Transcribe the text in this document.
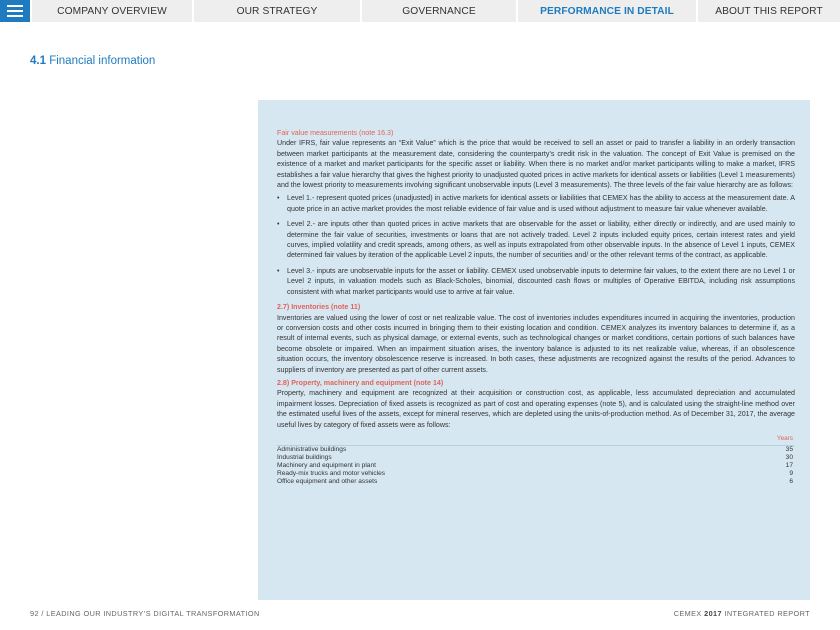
COMPANY OVERVIEW	OUR STRATEGY	GOVERNANCE	PERFORMANCE IN DETAIL	ABOUT THIS REPORT
4.1 Financial information
Fair value measurements (note 16.3)

Under IFRS, fair value represents an “Exit Value” which is the price that would be received to sell an asset or paid to transfer a liability in an orderly transaction between market participants at the measurement date, considering the counterparty’s credit risk in the valuation. The concept of Exit Value is premised on the existence of a market and market participants for the specific asset or liability. When there is no market and/or market participants willing to make a market, IFRS establishes a fair value hierarchy that gives the highest priority to unadjusted quoted prices in active markets for identical assets or liabilities (Level 1 measurements) and the lowest priority to measurements involving significant unobservable inputs (Level 3 measurements). The three levels of the fair value hierarchy are as follows:

• Level 1.- represent quoted prices (unadjusted) in active markets for identical assets or liabilities that CEMEX has the ability to access at the measurement date. A quote price in an active market provides the most reliable evidence of fair value and is used without adjustment to measure fair value whenever available.
• Level 2.- are inputs other than quoted prices in active markets that are observable for the asset or liability, either directly or indirectly, and are used mainly to determine the fair value of securities, investments or loans that are not actively traded. Level 2 inputs included equity prices, certain interest rates and yield curves, implied volatility and credit spreads, among others, as well as inputs extrapolated from other observable inputs. In the absence of Level 1 inputs, CEMEX determined fair values by iteration of the applicable Level 2 inputs, the number of securities and/ or the other relevant terms of the contract, as applicable.
• Level 3.- inputs are unobservable inputs for the asset or liability. CEMEX used unobservable inputs to determine fair values, to the extent there are no Level 1 or Level 2 inputs, in valuation models such as Black-Scholes, binomial, discounted cash flows or multiples of Operative EBITDA, including risk assumptions consistent with what market participants would use to arrive at fair value.
2.7) Inventories (note 11)

Inventories are valued using the lower of cost or net realizable value. The cost of inventories includes expenditures incurred in acquiring the inventories, production or conversion costs and other costs incurred in bringing them to their existing location and condition. CEMEX analyzes its inventory balances to determine if, as a result of internal events, such as physical damage, or external events, such as technological changes or market conditions, certain portions of such balances have become obsolete or impaired. When an impairment situation arises, the inventory balance is adjusted to its net realizable value, whereas, if an obsolescence situation occurs, the inventory obsolescence reserve is increased. In both cases, these adjustments are recognized against the results of the period. Advances to suppliers of inventory are presented as part of other current assets.

2.8) Property, machinery and equipment (note 14)

Property, machinery and equipment are recognized at their acquisition or construction cost, as applicable, less accumulated depreciation and accumulated impairment losses. Depreciation of fixed assets is recognized as part of cost and operating expenses (note 5), and is calculated using the straight-line method over the estimated useful lives of the assets, except for mineral reserves, which are depleted using the units-of-production method. As of December 31, 2017, the average useful lives by category of fixed assets were as follows:

Years
Administrative buildings	35
Industrial buildings	30
Machinery and equipment in plant	17
Ready-mix trucks and motor vehicles	9
Office equipment and other assets	6
92 / LEADING OUR INDUSTRY’S DIGITAL TRANSFORMATION	CEMEX 2017 INTEGRATED REPORT
